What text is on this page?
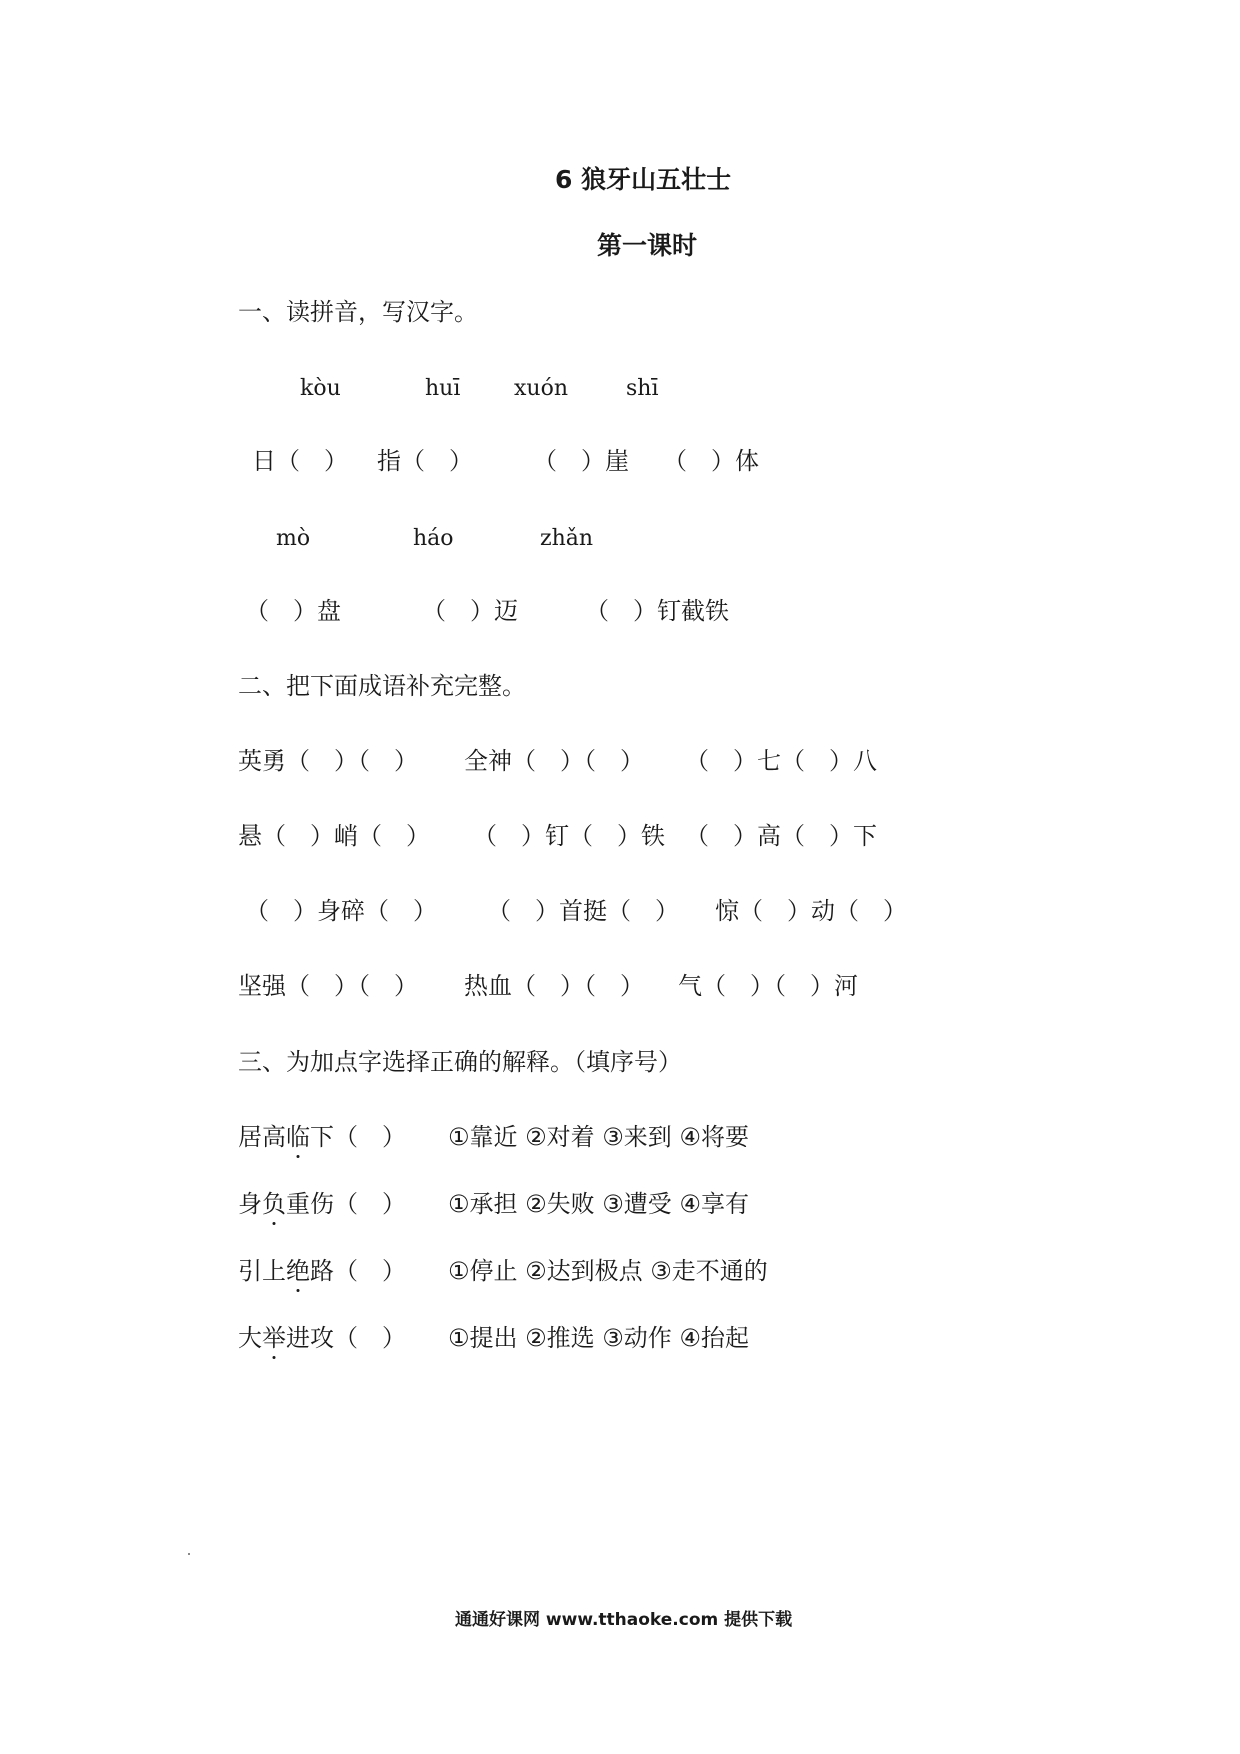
6 狼牙山五壮士
第一课时
一、读拼音，写汉字。
kòu	huī xuón	shī
日（　） 指（　）	（　）崖 （　）体
mò	háo	zhǎn
（　）盘	（　）迈	（　）钉截铁
二、把下面成语补充完整。
英勇（　）（　） 全神（　）（　） （　）七（　）八
悬（　）峭（　） （　）钉（　）铁 （　）高（　）下
（　）身碎（　） （　）首挺（　） 惊（　）动（　）
坚强（　）（　） 热血（　）（　） 气（　）（　）河
三、为加点字选择正确的解释。（填序号）
居高临下（　） ①靠近 ②对着 ③来到 ④将要
身负重伤（　） ①承担 ②失败 ③遭受 ④享有
引上绝路（　） ①停止 ②达到极点 ③走不通的
大举进攻（　） ①提出 ②推选 ③动作 ④抬起
通通好课网 www.tthaoke.com 提供下载
